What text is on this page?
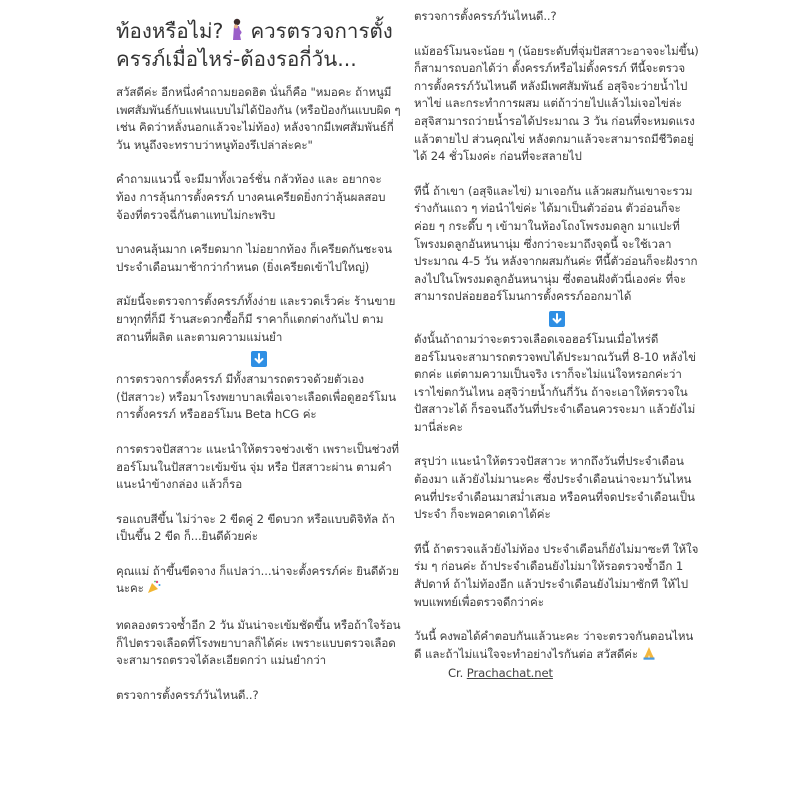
ท้องหรือไม่? ควรตรวจการตั้งครรภ์เมื่อไหร่-ต้องรอกี่วัน...

สวัสดีค่ะ อีกหนึ่งคำถามยอดฮิต นั่นก็คือ "หมอคะ ถ้าหนูมีเพศสัมพันธ์กับแฟนแบบไม่ได้ป้องกัน (หรือป้องกันแบบผิด ๆ เช่น คิดว่าหลั่งนอกแล้วจะไม่ท้อง) หลังจากมีเพศสัมพันธ์กี่วัน หนูถึงจะทราบว่าหนูท้องรึเปล่าล่ะคะ"

คำถามแนวนี้ จะมีมาทั้งเวอร์ชั่น กลัวท้อง และ อยากจะท้อง การลุ้นการตั้งครรภ์ บางคนเครียดยิ่งกว่าลุ้นผลสอบ จ้องที่ตรวจฉี่กันตาแทบไม่กะพริบ

บางคนลุ้นมาก เครียดมาก ไม่อยากท้อง ก็เครียดกันชะจนประจำเดือนมาช้ากว่ากำหนด (ยิ่งเครียดเข้าไปใหญ่)

สมัยนี้จะตรวจการตั้งครรภ์ทั้งง่าย และรวดเร็วค่ะ ร้านขายยาทุกที่ก็มี ร้านสะดวกซื้อก็มี ราคาก็แตกต่างกันไป ตามสถานที่ผลิต และตามความแม่นยำ

การตรวจการตั้งครรภ์ มีทั้งสามารถตรวจด้วยตัวเอง (ปัสสาวะ) หรือมาโรงพยาบาลเพื่อเจาะเลือดเพื่อดูฮอร์โมนการตั้งครรภ์ หรือฮอร์โมน Beta hCG ค่ะ

การตรวจปัสสาวะ แนะนำให้ตรวจช่วงเช้า เพราะเป็นช่วงที่ฮอร์โมนในปัสสาวะเข้มข้น จุ่ม หรือ ปัสสาวะผ่าน ตามคำแนะนำข้างกล่อง แล้วก็รอ

รอแถบสีขึ้น ไม่ว่าจะ 2 ขีดคู่ 2 ขีดบวก หรือแบบดิจิทัล ถ้าเป็นขึ้น 2 ขีด ก็...ยินดีด้วยค่ะ

คุณแม่ ถ้าขึ้นขีดจาง ก็แปลว่า...น่าจะตั้งครรภ์ค่ะ ยินดีด้วยนะคะ

ทดลองตรวจซ้ำอีก 2 วัน มันน่าจะเข้มชัดขึ้น หรือถ้าใจร้อน ก็ไปตรวจเลือดที่โรงพยาบาลก็ได้ค่ะ เพราะแบบตรวจเลือดจะสามารถตรวจได้ละเอียดกว่า แม่นยำกว่า

ตรวจการตั้งครรภ์วันไหนดี..?

ตรวจการตั้งครรภ์วันไหนดี..?

แม้ฮอร์โมนจะน้อย ๆ (น้อยระดับที่จุ่มปัสสาวะอาจจะไม่ขึ้น) ก็สามารถบอกได้ว่า ตั้งครรภ์หรือไม่ตั้งครรภ์ ทีนี้จะตรวจการตั้งครรภ์วันไหนดี หลังมีเพศสัมพันธ์ อสุจิจะว่ายน้ำไปหาไข่ และกระทำการผสม แต่ถ้าว่ายไปแล้วไม่เจอไข่ล่ะ อสุจิสามารถว่ายน้ำรอได้ประมาณ 3 วัน ก่อนที่จะหมดแรงแล้วตายไป ส่วนคุณไข่ หลังตกมาแล้วจะสามารถมีชีวิตอยู่ได้ 24 ชั่วโมงค่ะ ก่อนที่จะสลายไป

ทีนี้ ถ้าเขา (อสุจิและไข่) มาเจอกัน แล้วผสมกันเขาจะรวมร่างกันแถว ๆ ท่อนำไข่ค่ะ ได้มาเป็นตัวอ่อน ตัวอ่อนก็จะค่อย ๆ กระดึ๊บ ๆ เข้ามาในห้องโถงโพรงมดลูก มาแปะที่โพรงมดลูกอันหนานุ่ม ซึ่งกว่าจะมาถึงจุดนี้ จะใช้เวลาประมาณ 4-5 วัน หลังจากผสมกันค่ะ ทีนี้ตัวอ่อนก็จะฝังรากลงไปในโพรงมดลูกอันหนานุ่ม ซึ่งตอนฝังตัวนี่เองค่ะ ที่จะสามารถปล่อยฮอร์โมนการตั้งครรภ์ออกมาได้

ดังนั้นถ้าถามว่าจะตรวจเลือดเจอฮอร์โมนเมื่อไหร่ดี ฮอร์โมนจะสามารถตรวจพบได้ประมาณวันที่ 8-10 หลังไข่ตกค่ะ แต่ตามความเป็นจริง เราก็จะไม่แน่ใจหรอกค่ะว่า เราไข่ตกวันไหน อสุจิว่ายน้ำกันกี่วัน ถ้าจะเอาให้ตรวจในปัสสาวะได้ ก็รอจนถึงวันที่ประจำเดือนควรจะมา แล้วยังไม่มานี่ล่ะคะ

สรุปว่า แนะนำให้ตรวจปัสสาวะ หากถึงวันที่ประจำเดือนต้องมา แล้วยังไม่มานะคะ ซึ่งประจำเดือนน่าจะมาวันไหน คนที่ประจำเดือนมาสม่ำเสมอ หรือคนที่จดประจำเดือนเป็นประจำ ก็จะพอคาดเดาได้ค่ะ

ทีนี้ ถ้าตรวจแล้วยังไม่ท้อง ประจำเดือนก็ยังไม่มาซะที ให้ใจร่ม ๆ ก่อนค่ะ ถ้าประจำเดือนยังไม่มาให้รอตรวจซ้ำอีก 1 สัปดาห์ ถ้าไม่ท้องอีก แล้วประจำเดือนยังไม่มาซักที ให้ไปพบแพทย์เพื่อตรวจดีกว่าค่ะ

วันนี้ คงพอได้คำตอบกันแล้วนะคะ ว่าจะตรวจกันตอนไหนดี และถ้าไม่แน่ใจจะทำอย่างไรกันต่อ สวัสดีค่ะ  Cr. Prachachat.net
